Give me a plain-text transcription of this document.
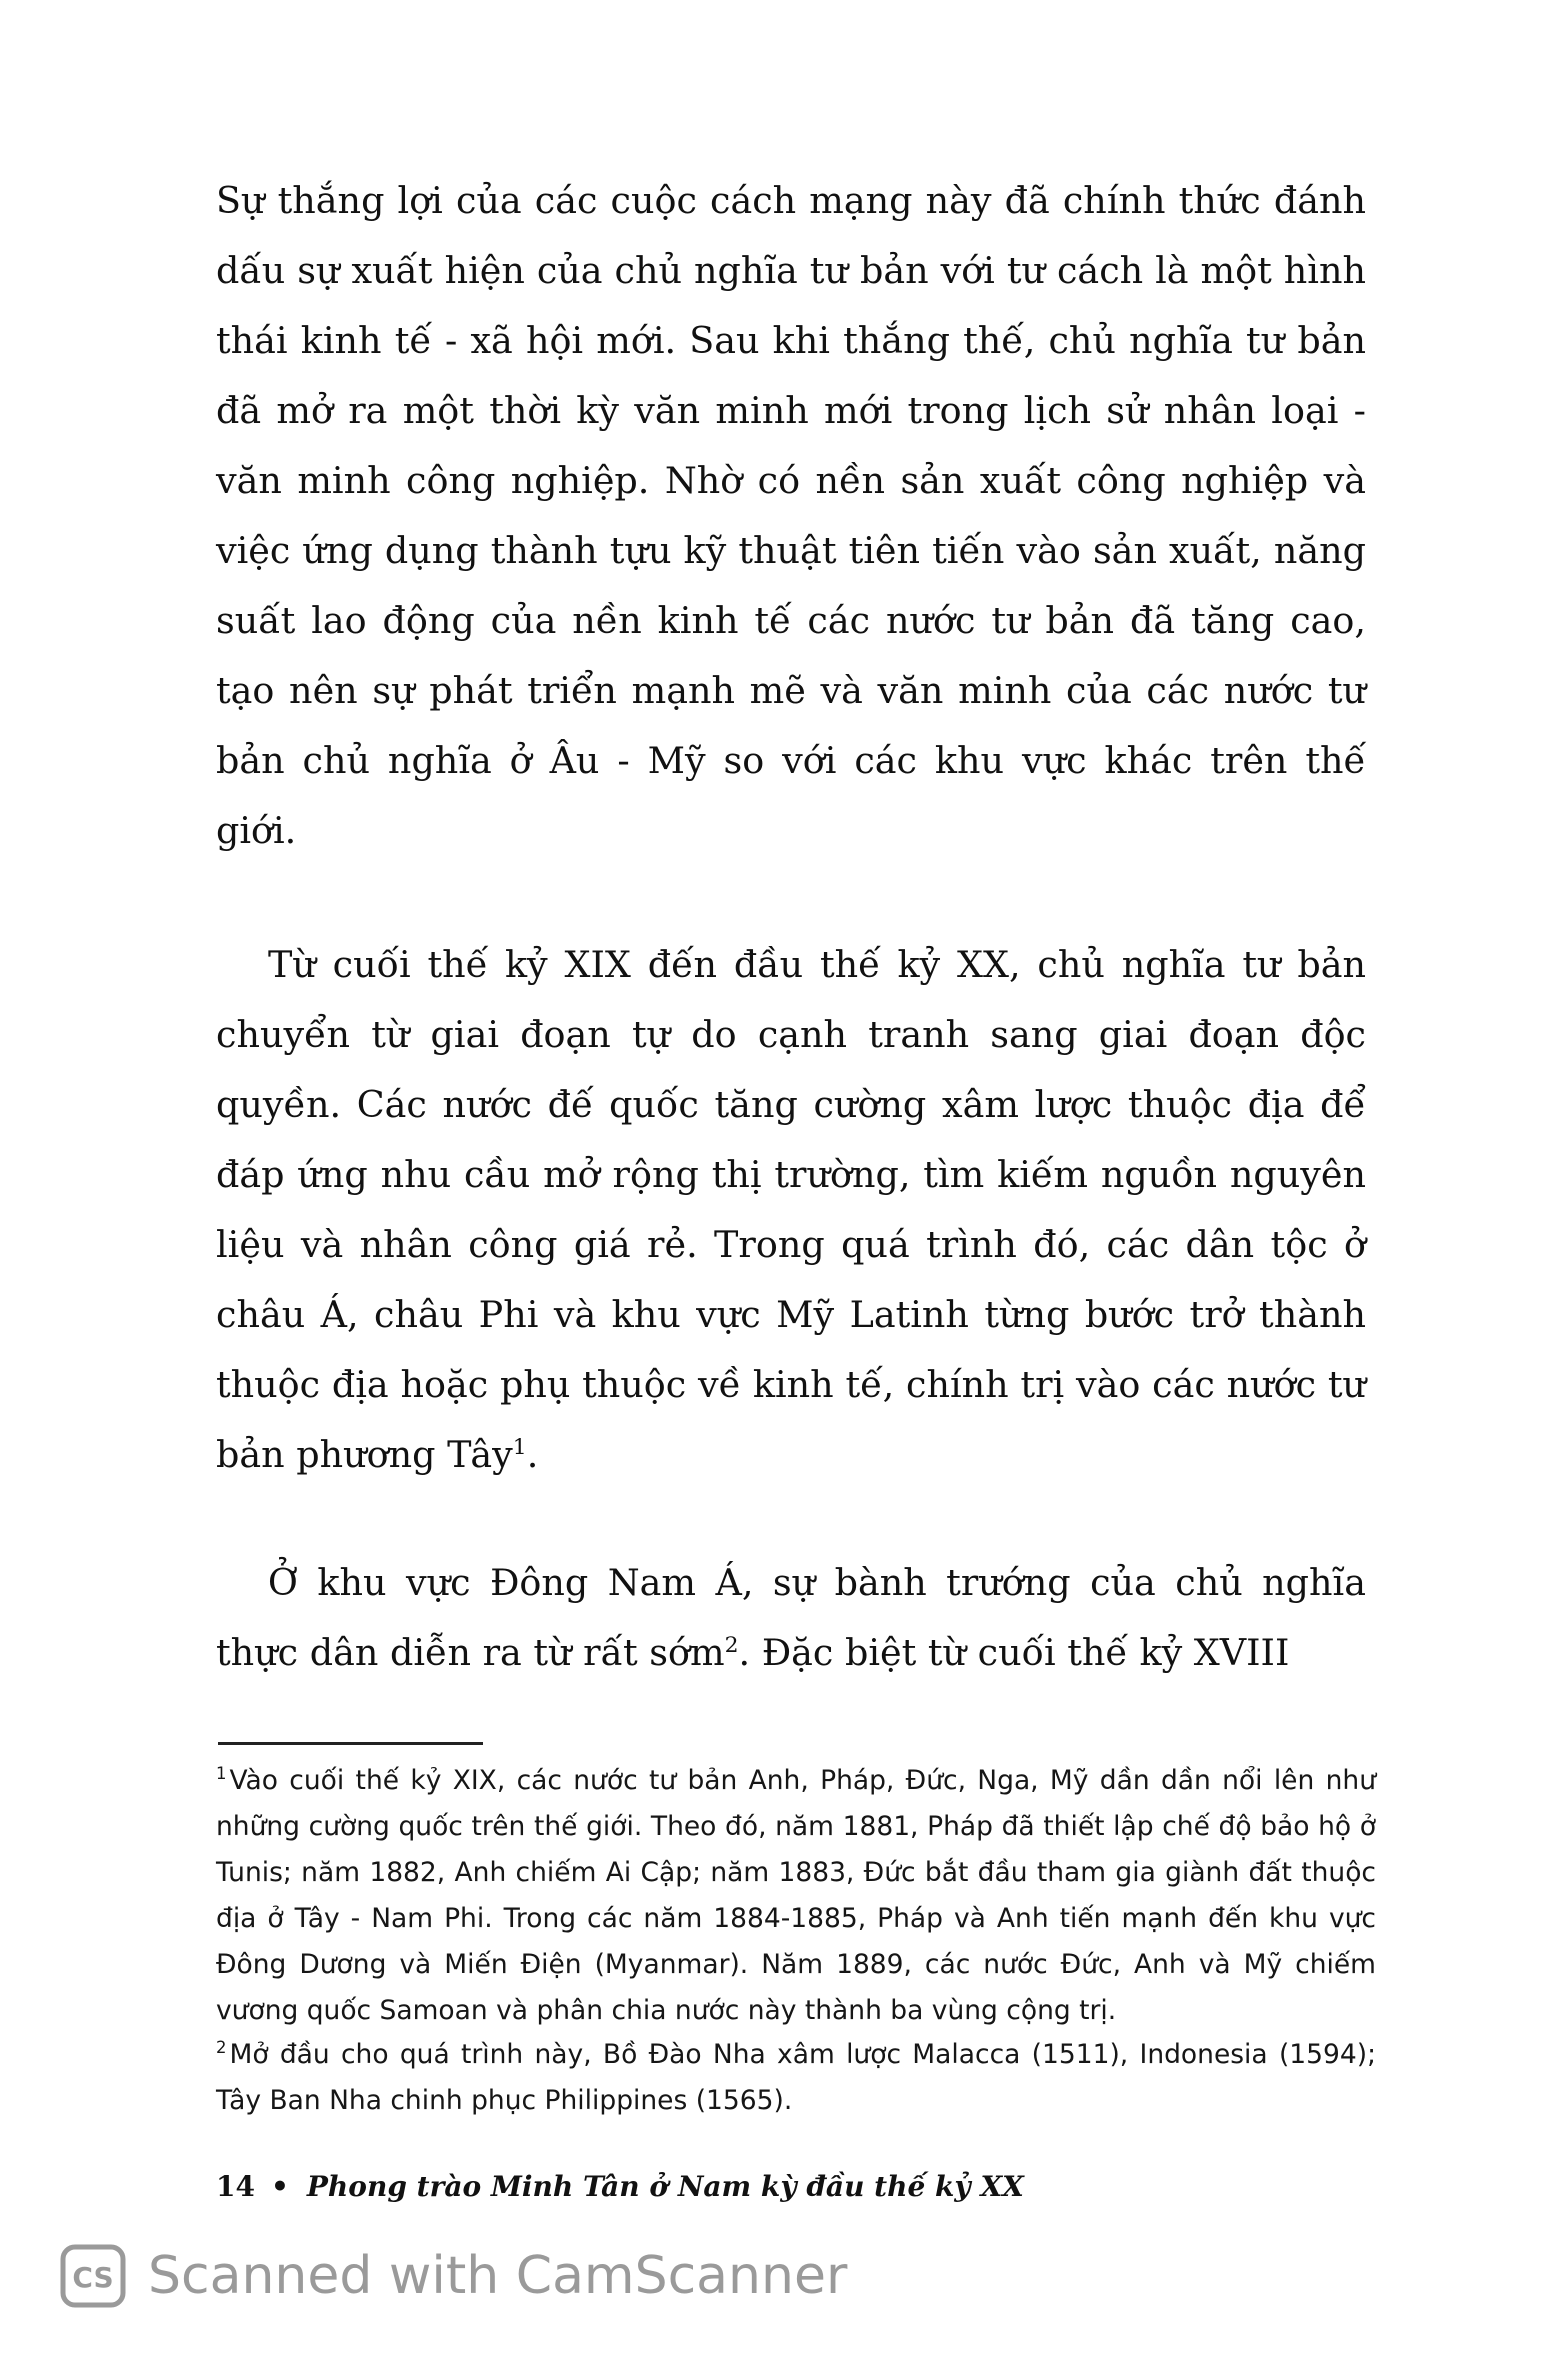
Sự thắng lợi của các cuộc cách mạng này đã chính thức đánh dấu sự xuất hiện của chủ nghĩa tư bản với tư cách là một hình thái kinh tế - xã hội mới. Sau khi thắng thế, chủ nghĩa tư bản đã mở ra một thời kỳ văn minh mới trong lịch sử nhân loại - văn minh công nghiệp. Nhờ có nền sản xuất công nghiệp và việc ứng dụng thành tựu kỹ thuật tiên tiến vào sản xuất, năng suất lao động của nền kinh tế các nước tư bản đã tăng cao, tạo nên sự phát triển mạnh mẽ và văn minh của các nước tư bản chủ nghĩa ở Âu - Mỹ so với các khu vực khác trên thế giới.

Từ cuối thế kỷ XIX đến đầu thế kỷ XX, chủ nghĩa tư bản chuyển từ giai đoạn tự do cạnh tranh sang giai đoạn độc quyền. Các nước đế quốc tăng cường xâm lược thuộc địa để đáp ứng nhu cầu mở rộng thị trường, tìm kiếm nguồn nguyên liệu và nhân công giá rẻ. Trong quá trình đó, các dân tộc ở châu Á, châu Phi và khu vực Mỹ Latinh từng bước trở thành thuộc địa hoặc phụ thuộc về kinh tế, chính trị vào các nước tư bản phương Tây$^1$.

Ở khu vực Đông Nam Á, sự bành trướng của chủ nghĩa thực dân diễn ra từ rất sớm$^2$. Đặc biệt từ cuối thế kỷ XVIII

$^1$ Vào cuối thế kỷ XIX, các nước tư bản Anh, Pháp, Đức, Nga, Mỹ dần dần nổi lên như những cường quốc trên thế giới. Theo đó, năm 1881, Pháp đã thiết lập chế độ bảo hộ ở Tunis; năm 1882, Anh chiếm Ai Cập; năm 1883, Đức bắt đầu tham gia giành đất thuộc địa ở Tây - Nam Phi. Trong các năm 1884-1885, Pháp và Anh tiến mạnh đến khu vực Đông Dương và Miến Điện (Myanmar). Năm 1889, các nước Đức, Anh và Mỹ chiếm vương quốc Samoan và phân chia nước này thành ba vùng cộng trị.

$^2$ Mở đầu cho quá trình này, Bồ Đào Nha xâm lược Malacca (1511), Indonesia (1594); Tây Ban Nha chinh phục Philippines (1565).

14 • Phong trào Minh Tân ở Nam kỳ đầu thế kỷ XX
CS Scanned with CamScanner
